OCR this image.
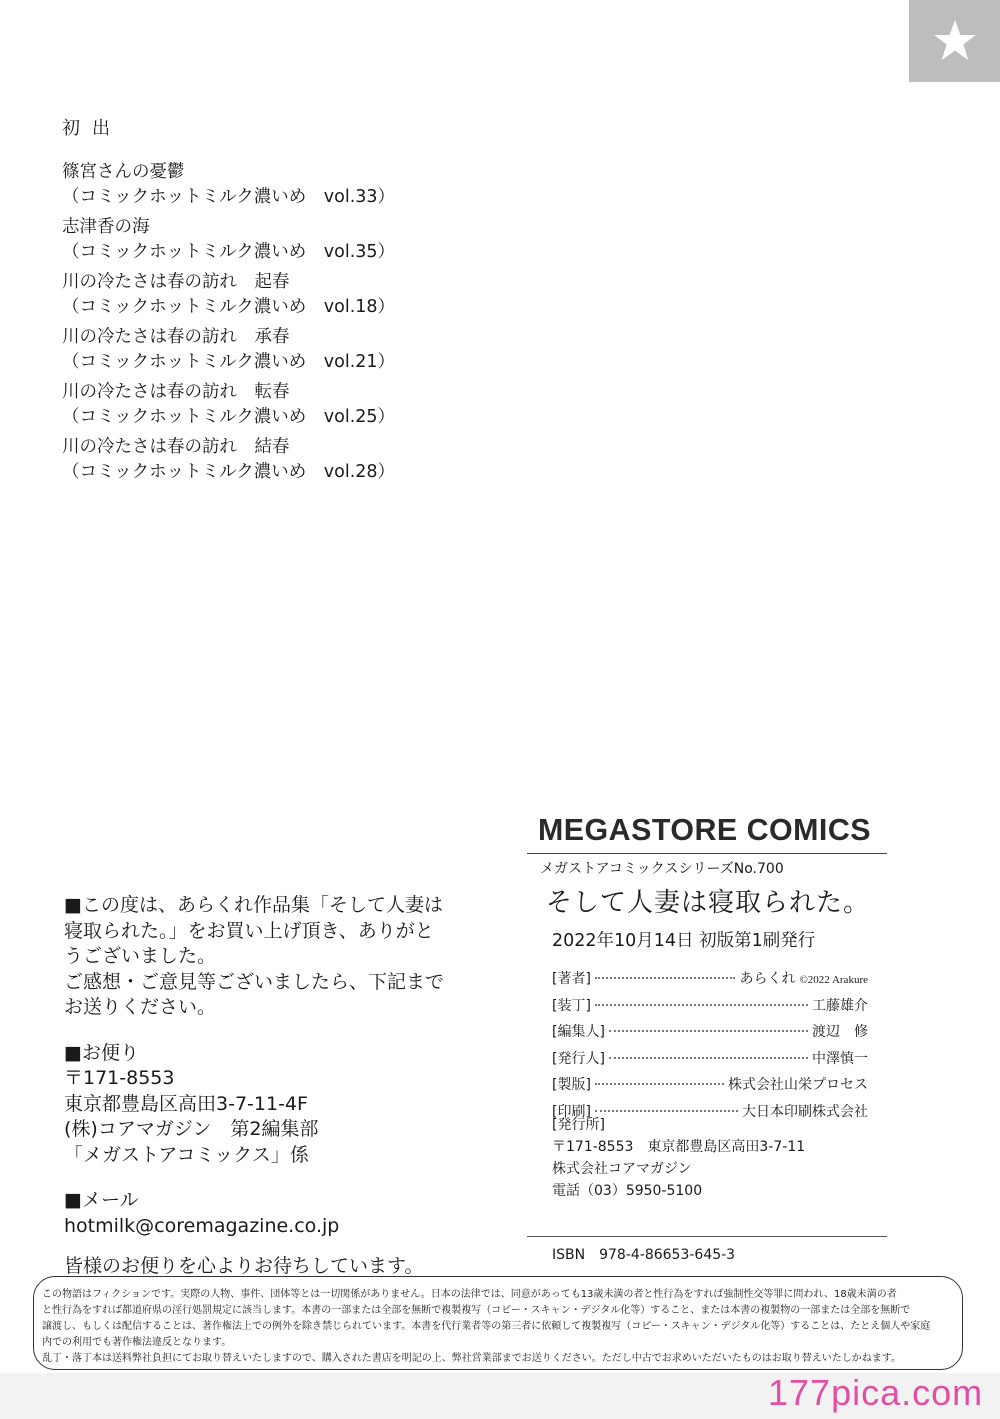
初出
篠宮さんの憂鬱
（コミックホットミルク濃いめ　vol.33）
志津香の海
（コミックホットミルク濃いめ　vol.35）
川の冷たさは春の訪れ　起春
（コミックホットミルク濃いめ　vol.18）
川の冷たさは春の訪れ　承春
（コミックホットミルク濃いめ　vol.21）
川の冷たさは春の訪れ　転春
（コミックホットミルク濃いめ　vol.25）
川の冷たさは春の訪れ　結春
（コミックホットミルク濃いめ　vol.28）
MEGASTORE COMICS
メガストアコミックスシリーズNo.700
そして人妻は寝取られた。
2022年10月14日 初版第1刷発行
[著者]	あらくれ ©2022 Arakure
[装丁]	工藤雄介
[編集人]	渡辺　修
[発行人]	中澤慎一
[製版]	株式会社山栄プロセス
[印刷]	大日本印刷株式会社
[発行所]
〒171-8553　東京都豊島区高田3-7-11
株式会社コアマガジン
電話（03）5950-5100
ISBN　978-4-86653-645-3
■この度は、あらくれ作品集「そして人妻は
寝取られた。」をお買い上げ頂き、ありがと
うございました。
ご感想・ご意見等ございましたら、下記まで
お送りください。
■お便り
〒171-8553
東京都豊島区高田3-7-11-4F
(株)コアマガジン　第2編集部
「メガストアコミックス」係
■メール
hotmilk@coremagazine.co.jp
皆様のお便りを心よりお待ちしています。
この物語はフィクションです。実際の人物、事件、団体等とは一切関係がありません。日本の法律では、同意があっても13歳未満の者と性行為をすれば強制性交等罪に問われ、18歳未満の者
と性行為をすれば都道府県の淫行処罰規定に該当します。本書の一部または全部を無断で複製複写（コピー・スキャン・デジタル化等）すること、または本書の複製物の一部または全部を無断で
譲渡し、もしくは配信することは、著作権法上での例外を除き禁じられています。本書を代行業者等の第三者に依頼して複製複写（コピー・スキャン・デジタル化等）することは、たとえ個人や家庭
内での利用でも著作権法違反となります。
乱丁・落丁本は送料弊社負担にてお取り替えいたしますので、購入された書店を明記の上、弊社営業部までお送りください。ただし中古でお求めいただいたものはお取り替えいたしかねます。
177pica.com
